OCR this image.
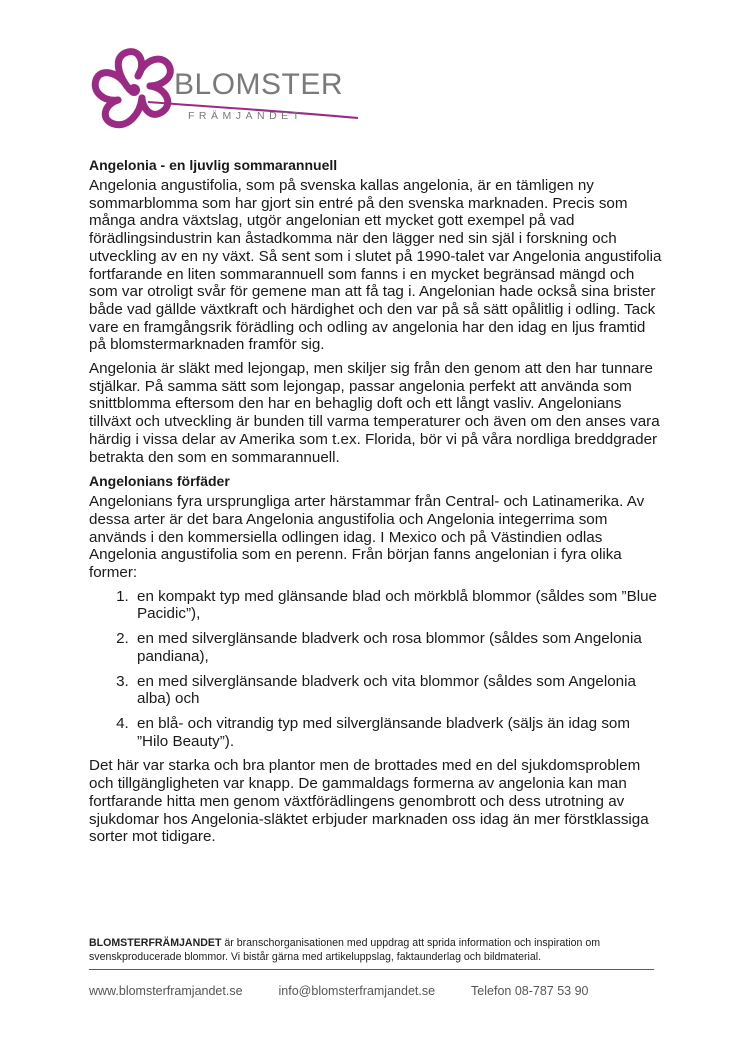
BLOMSTER
FRÄMJANDET
Angelonia - en ljuvlig sommarannuell

Angelonia angustifolia, som på svenska kallas angelonia, är en tämligen ny sommarblomma som har gjort sin entré på den svenska marknaden. Precis som många andra växtslag, utgör angelonian ett mycket gott exempel på vad förädlingsindustrin kan åstadkomma när den lägger ned sin själ i forskning och utveckling av en ny växt. Så sent som i slutet på 1990-talet var Angelonia angustifolia fortfarande en liten sommarannuell som fanns i en mycket begränsad mängd och som var otroligt svår för gemene man att få tag i. Angelonian hade också sina brister både vad gällde växtkraft och härdighet och den var på så sätt opålitlig i odling. Tack vare en framgångsrik förädling och odling av angelonia har den idag en ljus framtid på blomstermarknaden framför sig.

Angelonia är släkt med lejongap, men skiljer sig från den genom att den har tunnare stjälkar. På samma sätt som lejongap, passar angelonia perfekt att använda som snittblomma eftersom den har en behaglig doft och ett långt vasliv. Angelonians tillväxt och utveckling är bunden till varma temperaturer och även om den anses vara härdig i vissa delar av Amerika som t.ex. Florida, bör vi på våra nordliga breddgrader betrakta den som en sommarannuell.

Angelonians förfäder

Angelonians fyra ursprungliga arter härstammar från Central- och Latinamerika. Av dessa arter är det bara Angelonia angustifolia och Angelonia integerrima som används i den kommersiella odlingen idag. I Mexico och på Västindien odlas Angelonia angustifolia som en perenn. Från början fanns angelonian i fyra olika former:

1. en kompakt typ med glänsande blad och mörkblå blommor (såldes som ”Blue Pacidic”),
2. en med silverglänsande bladverk och rosa blommor (såldes som Angelonia pandiana),
3. en med silverglänsande bladverk och vita blommor (såldes som Angelonia alba) och
4. en blå- och vitrandig typ med silverglänsande bladverk (säljs än idag som ”Hilo Beauty”).

Det här var starka och bra plantor men de brottades med en del sjukdomsproblem och tillgängligheten var knapp. De gammaldags formerna av angelonia kan man fortfarande hitta men genom växtförädlingens genombrott och dess utrotning av sjukdomar hos Angelonia-släktet erbjuder marknaden oss idag än mer förstklassiga sorter mot tidigare.

BLOMSTERFRÄMJANDET är branschorganisationen med uppdrag att sprida information och inspiration om svenskproducerade blommor. Vi bistår gärna med artikeluppslag, faktaunderlag och bildmaterial.
www.blomsterframjandet.se	info@blomsterframjandet.se	Telefon 08-787 53 90
